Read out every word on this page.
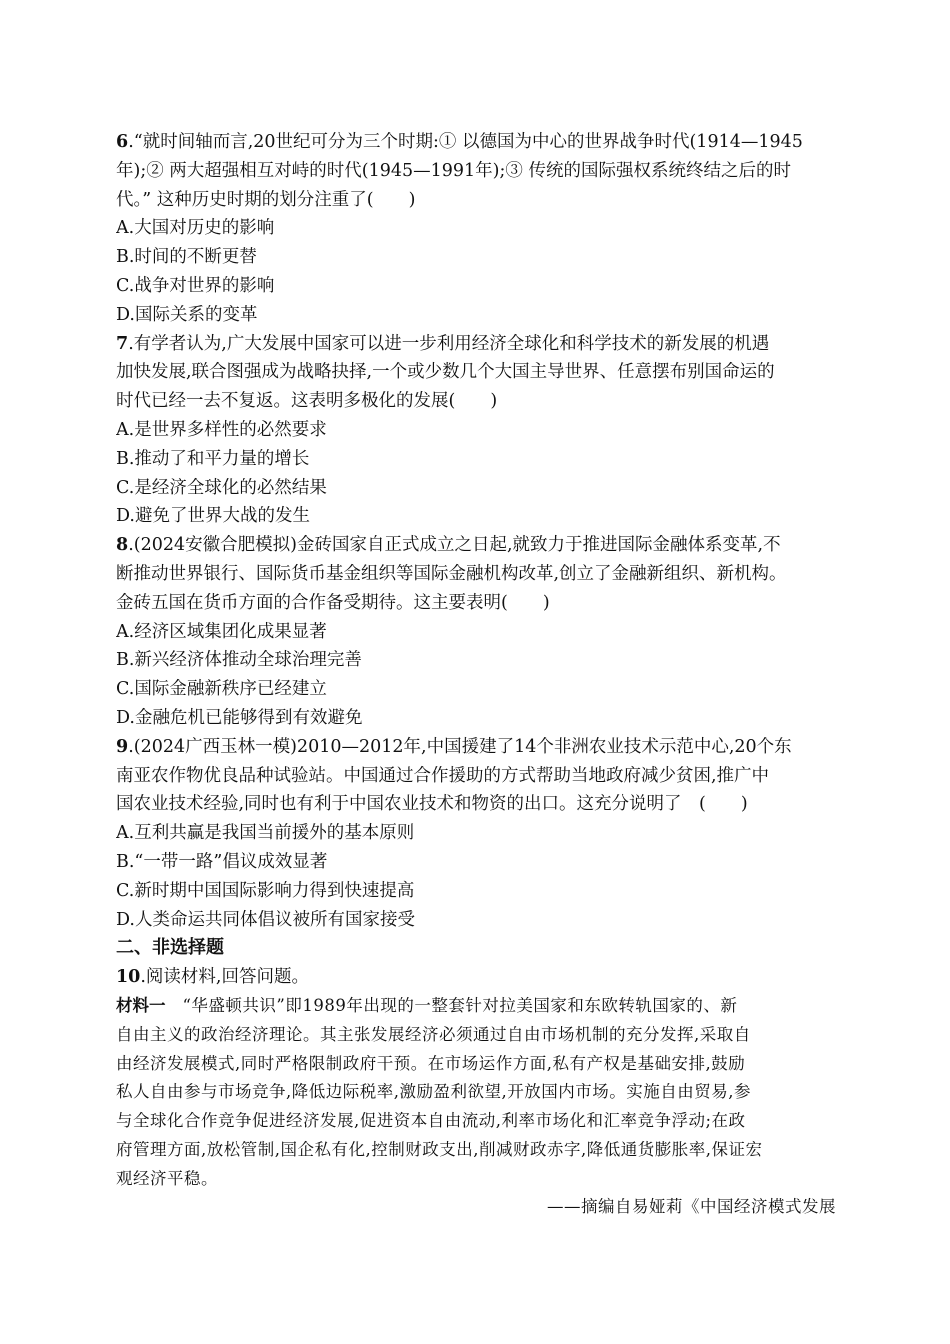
6.“就时间轴而言,20世纪可分为三个时期:① 以德国为中心的世界战争时代(1914—1945
年);② 两大超强相互对峙的时代(1945—1991年);③ 传统的国际强权系统终结之后的时
代。” 这种历史时期的划分注重了(　　)
A.大国对历史的影响
B.时间的不断更替
C.战争对世界的影响
D.国际关系的变革
7.有学者认为,广大发展中国家可以进一步利用经济全球化和科学技术的新发展的机遇
加快发展,联合图强成为战略抉择,一个或少数几个大国主导世界、任意摆布别国命运的
时代已经一去不复返。这表明多极化的发展(　　)
A.是世界多样性的必然要求
B.推动了和平力量的增长
C.是经济全球化的必然结果
D.避免了世界大战的发生
8.(2024安徽合肥模拟)金砖国家自正式成立之日起,就致力于推进国际金融体系变革,不
断推动世界银行、国际货币基金组织等国际金融机构改革,创立了金融新组织、新机构。
金砖五国在货币方面的合作备受期待。这主要表明(　　)
A.经济区域集团化成果显著
B.新兴经济体推动全球治理完善
C.国际金融新秩序已经建立
D.金融危机已能够得到有效避免
9.(2024广西玉林一模)2010—2012年,中国援建了14个非洲农业技术示范中心,20个东
南亚农作物优良品种试验站。中国通过合作援助的方式帮助当地政府减少贫困,推广中
国农业技术经验,同时也有利于中国农业技术和物资的出口。这充分说明了　(　　)
A.互利共赢是我国当前援外的基本原则
B.“一带一路”倡议成效显著
C.新时期中国国际影响力得到快速提高
D.人类命运共同体倡议被所有国家接受
二、非选择题
10.阅读材料,回答问题。
材料一　“华盛顿共识”即1989年出现的一整套针对拉美国家和东欧转轨国家的、新
自由主义的政治经济理论。其主张发展经济必须通过自由市场机制的充分发挥,采取自
由经济发展模式,同时严格限制政府干预。在市场运作方面,私有产权是基础安排,鼓励
私人自由参与市场竞争,降低边际税率,激励盈利欲望,开放国内市场。实施自由贸易,参
与全球化合作竞争促进经济发展,促进资本自由流动,利率市场化和汇率竞争浮动;在政
府管理方面,放松管制,国企私有化,控制财政支出,削减财政赤字,降低通货膨胀率,保证宏
观经济平稳。
——摘编自易娅莉《中国经济模式发展
